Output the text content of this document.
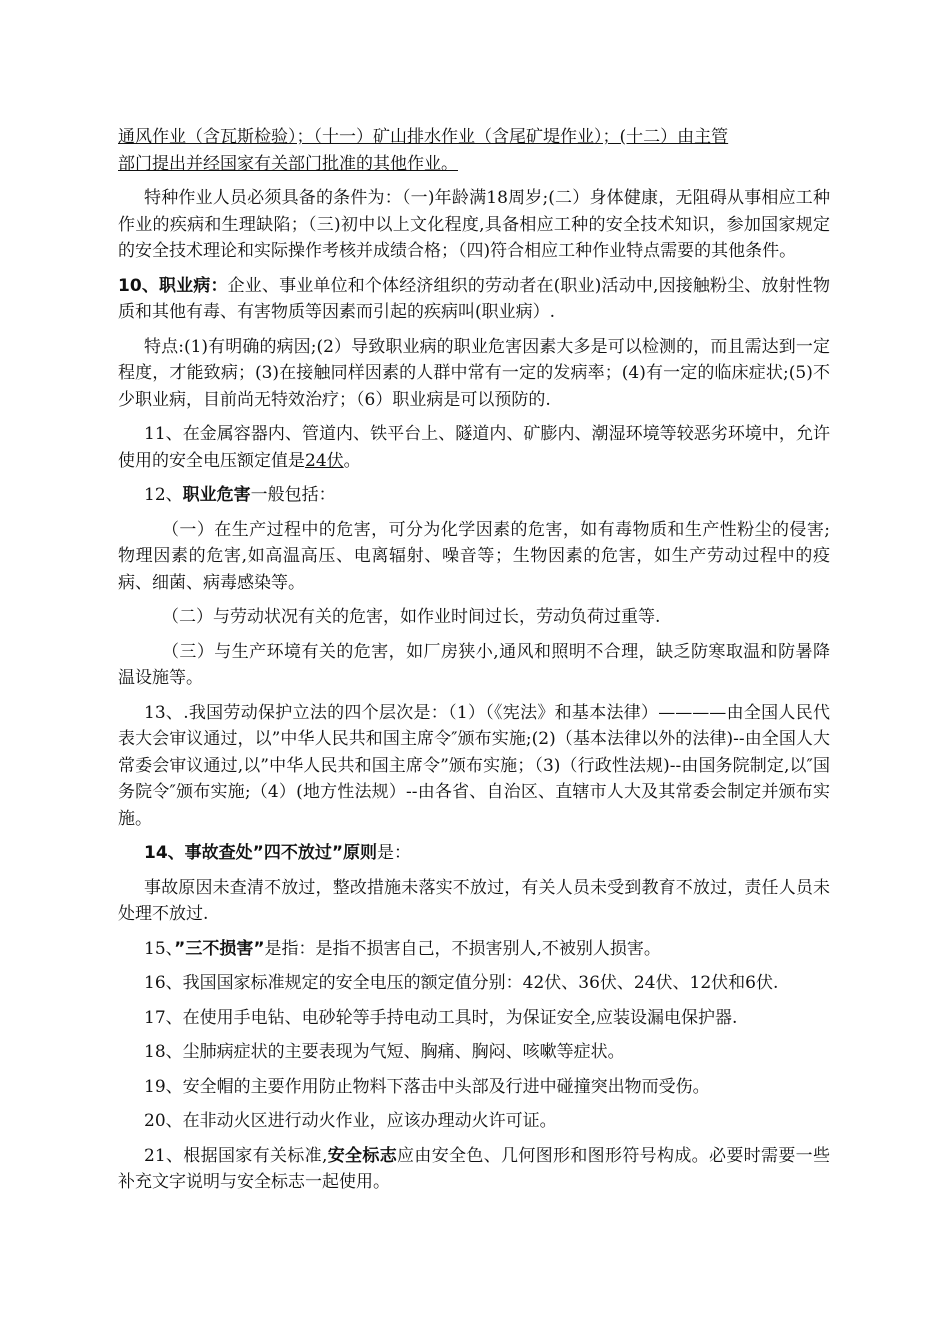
通风作业（含瓦斯检验）；（十一）矿山排水作业（含尾矿堤作业）；(十二）由主管
部门提出并经国家有关部门批准的其他作业。

特种作业人员必须具备的条件为：（一)年龄满18周岁;(二）身体健康，无阻碍从事相应工种作业的疾病和生理缺陷；（三)初中以上文化程度,具备相应工种的安全技术知识，参加国家规定的安全技术理论和实际操作考核并成绩合格；（四)符合相应工种作业特点需要的其他条件。

10、职业病：企业、事业单位和个体经济组织的劳动者在(职业)活动中,因接触粉尘、放射性物质和其他有毒、有害物质等因素而引起的疾病叫(职业病）.

特点:(1)有明确的病因;(2）导致职业病的职业危害因素大多是可以检测的，而且需达到一定程度，才能致病；(3)在接触同样因素的人群中常有一定的发病率；(4)有一定的临床症状;(5)不少职业病，目前尚无特效治疗；（6）职业病是可以预防的.

11、在金属容器内、管道内、铁平台上、隧道内、矿膨内、潮湿环境等较恶劣环境中，允许使用的安全电压额定值是24伏。

12、职业危害一般包括：

（一）在生产过程中的危害，可分为化学因素的危害，如有毒物质和生产性粉尘的侵害;物理因素的危害,如高温高压、电离辐射、噪音等；生物因素的危害，如生产劳动过程中的疫病、细菌、病毒感染等。

（二）与劳动状况有关的危害，如作业时间过长，劳动负荷过重等.

（三）与生产环境有关的危害，如厂房狭小,通风和照明不合理，缺乏防寒取温和防暑降温设施等。

13、.我国劳动保护立法的四个层次是：（1）（《宪法》和基本法律）————由全国人民代表大会审议通过，以”中华人民共和国主席令″颁布实施;(2)（基本法律以外的法律)--由全国人大常委会审议通过,以”中华人民共和国主席令”颁布实施；（3)（行政性法规)--由国务院制定,以″国务院令″颁布实施;（4）(地方性法规）--由各省、自治区、直辖市人大及其常委会制定并颁布实施。

14、事故查处”四不放过”原则是：

事故原因未查清不放过，整改措施未落实不放过，有关人员未受到教育不放过，责任人员未处理不放过.

15、”三不损害”是指：是指不损害自己，不损害别人,不被别人损害。

16、我国国家标准规定的安全电压的额定值分别：42伏、36伏、24伏、12伏和6伏.

17、在使用手电钻、电砂轮等手持电动工具时，为保证安全,应装设漏电保护器.

18、尘肺病症状的主要表现为气短、胸痛、胸闷、咳嗽等症状。

19、安全帽的主要作用防止物料下落击中头部及行进中碰撞突出物而受伤。

20、在非动火区进行动火作业，应该办理动火许可证。

21、根据国家有关标准,安全标志应由安全色、几何图形和图形符号构成。必要时需要一些补充文字说明与安全标志一起使用。
